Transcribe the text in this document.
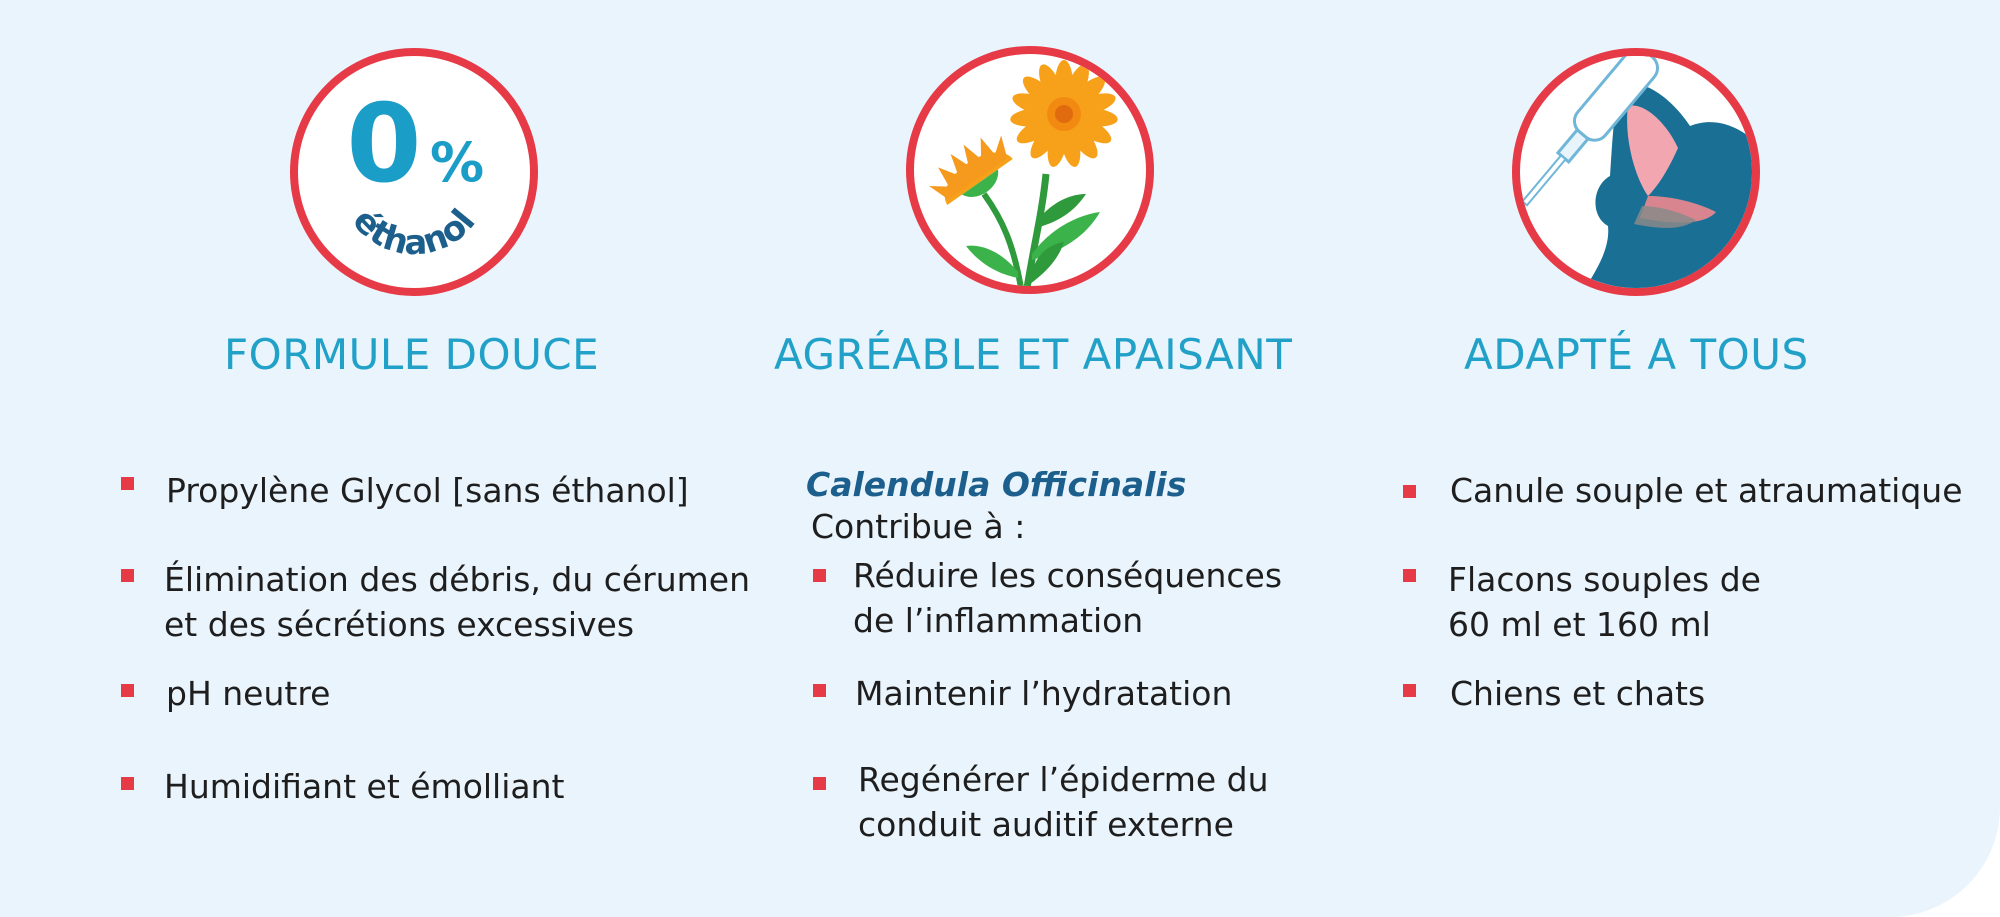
0 %
éthanol
FORMULE DOUCE
Propylène Glycol [sans éthanol]
Élimination des débris, du cérumen
et des sécrétions excessives
pH neutre
Humidifiant et émolliant
AGRÉABLE ET APAISANT
Calendula Officinalis
Contribue à :
Réduire les conséquences
de l’inflammation
Maintenir l’hydratation
Regénérer l’épiderme du
conduit auditif externe
ADAPTÉ A TOUS
Canule souple et atraumatique
Flacons souples de
60 ml et 160 ml
Chiens et chats
